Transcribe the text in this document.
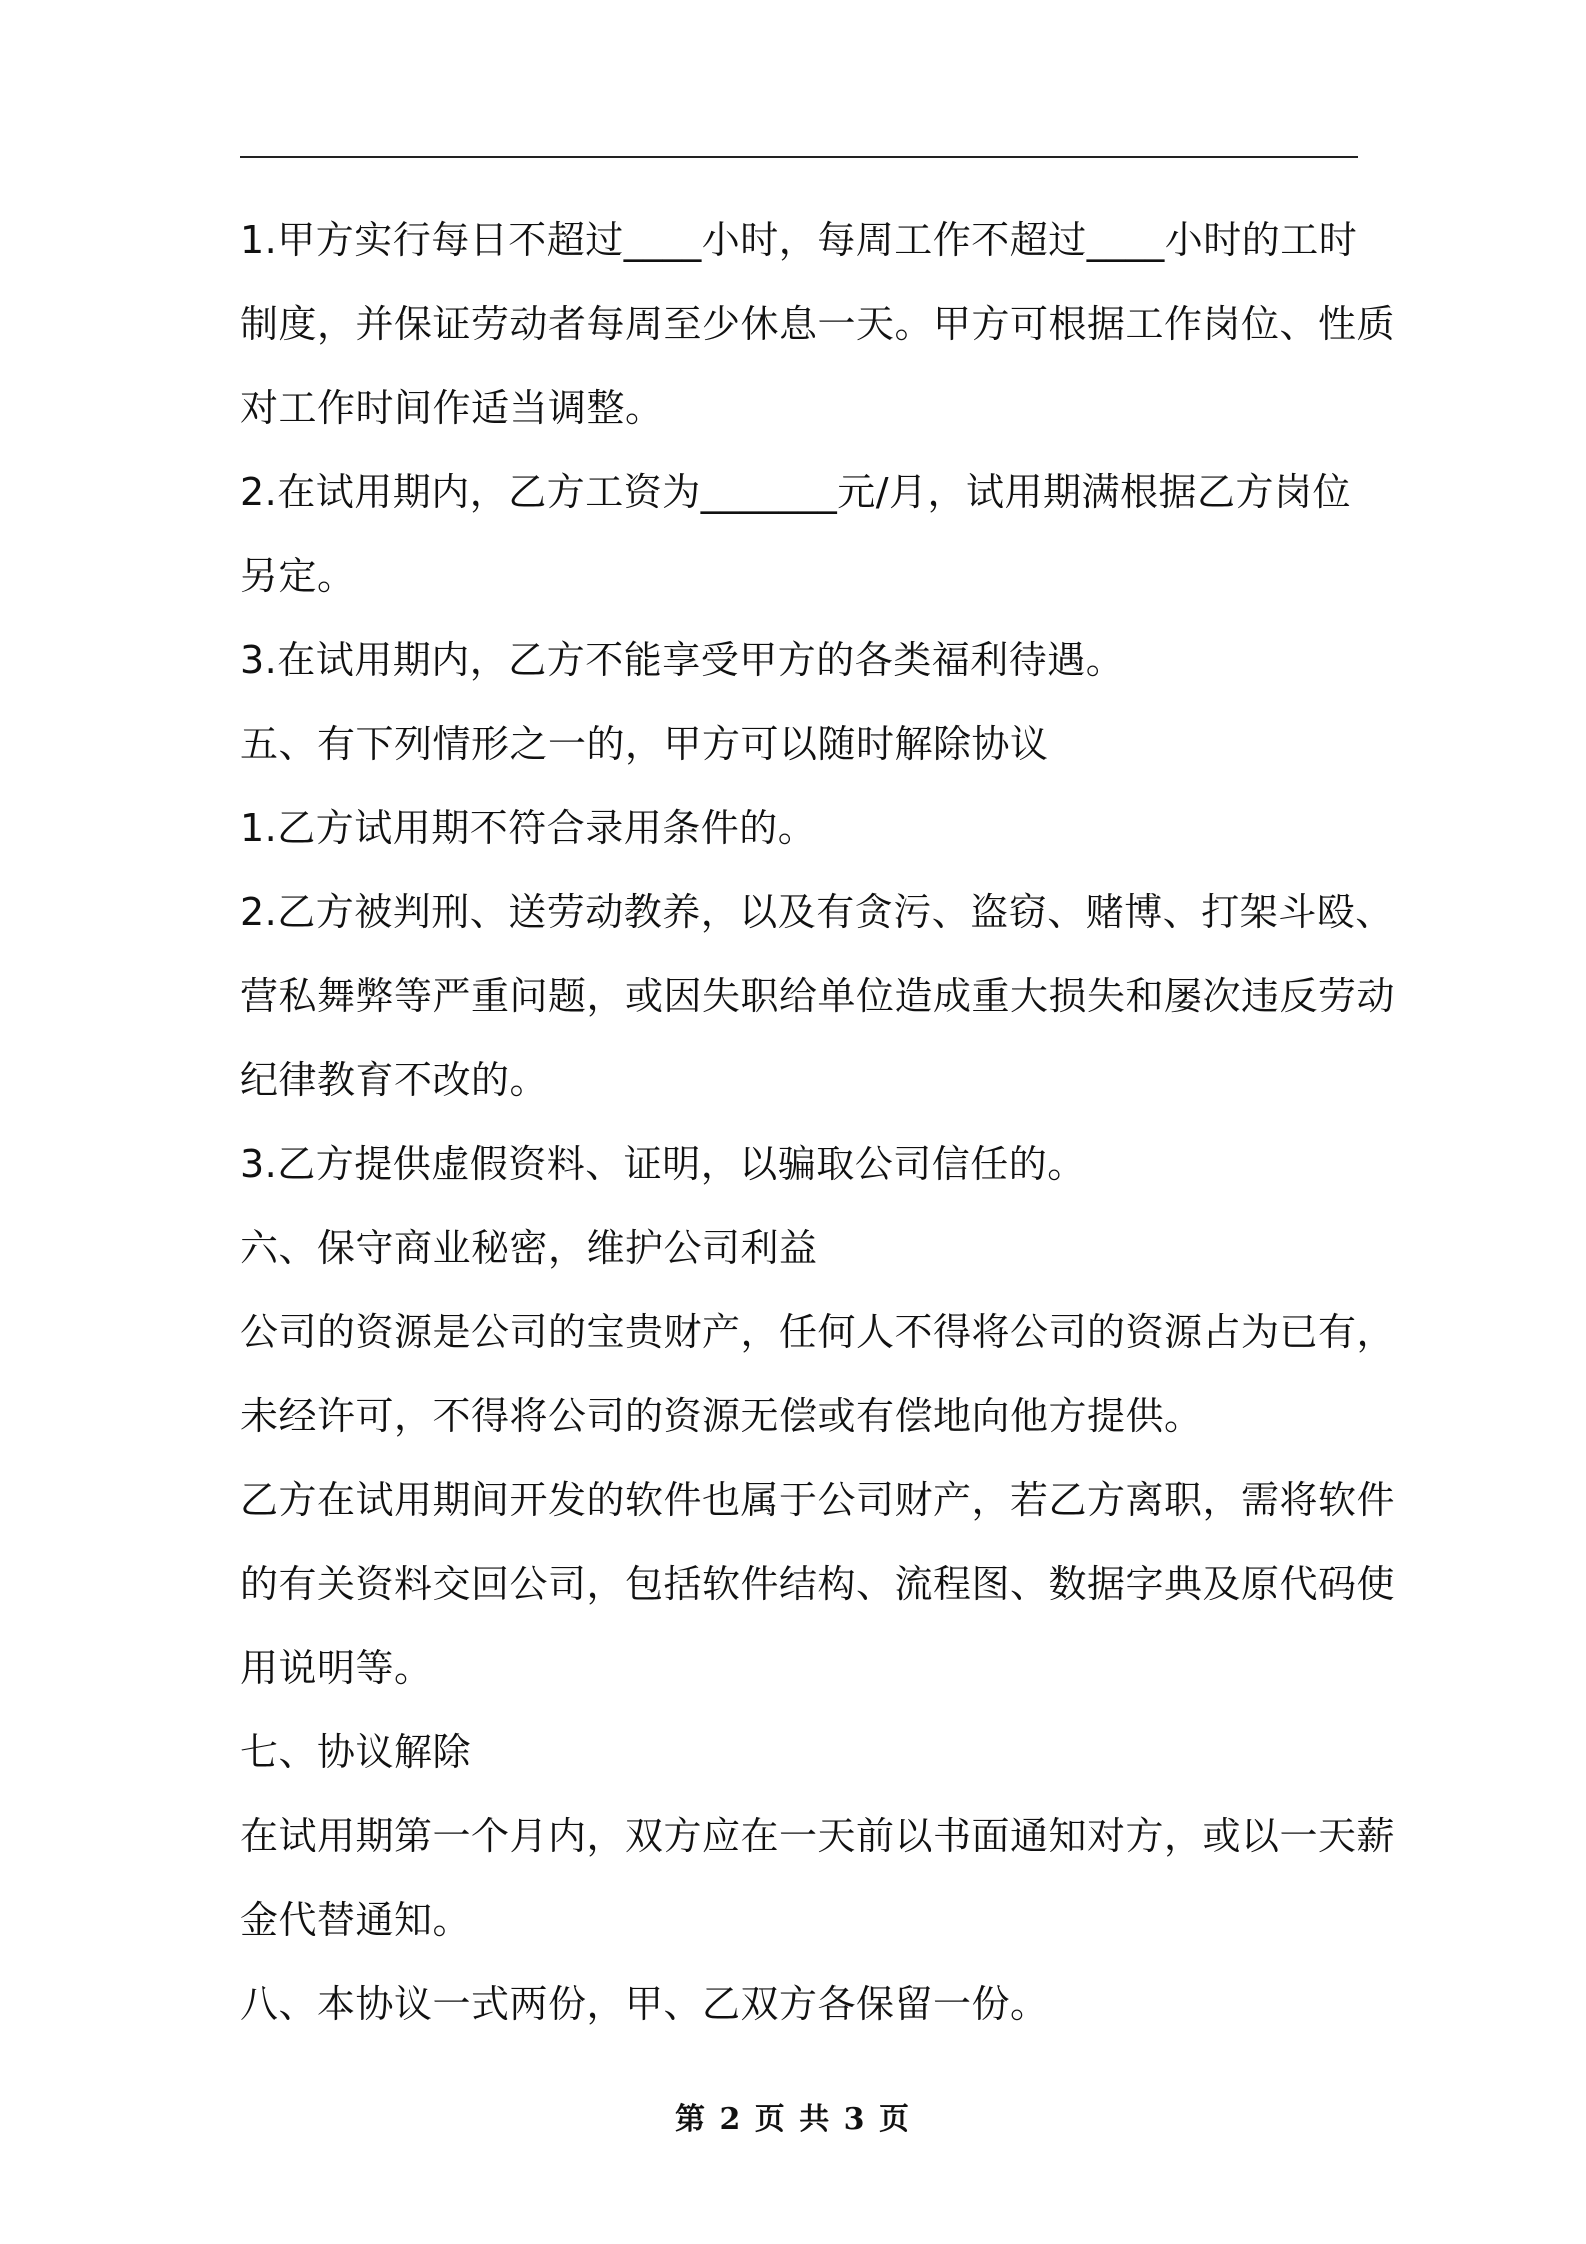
1.甲方实行每日不超过____小时，每周工作不超过____小时的工时
制度，并保证劳动者每周至少休息一天。甲方可根据工作岗位、性质
对工作时间作适当调整。
2.在试用期内，乙方工资为_______元/月，试用期满根据乙方岗位
另定。
3.在试用期内，乙方不能享受甲方的各类福利待遇。
五、有下列情形之一的，甲方可以随时解除协议
1.乙方试用期不符合录用条件的。
2.乙方被判刑、送劳动教养，以及有贪污、盗窃、赌博、打架斗殴、
营私舞弊等严重问题，或因失职给单位造成重大损失和屡次违反劳动
纪律教育不改的。
3.乙方提供虚假资料、证明，以骗取公司信任的。
六、保守商业秘密，维护公司利益
公司的资源是公司的宝贵财产，任何人不得将公司的资源占为已有，
未经许可，不得将公司的资源无偿或有偿地向他方提供。
乙方在试用期间开发的软件也属于公司财产，若乙方离职，需将软件
的有关资料交回公司，包括软件结构、流程图、数据字典及原代码使
用说明等。
七、协议解除
在试用期第一个月内，双方应在一天前以书面通知对方，或以一天薪
金代替通知。
八、本协议一式两份，甲、乙双方各保留一份。
第 2 页 共 3 页
